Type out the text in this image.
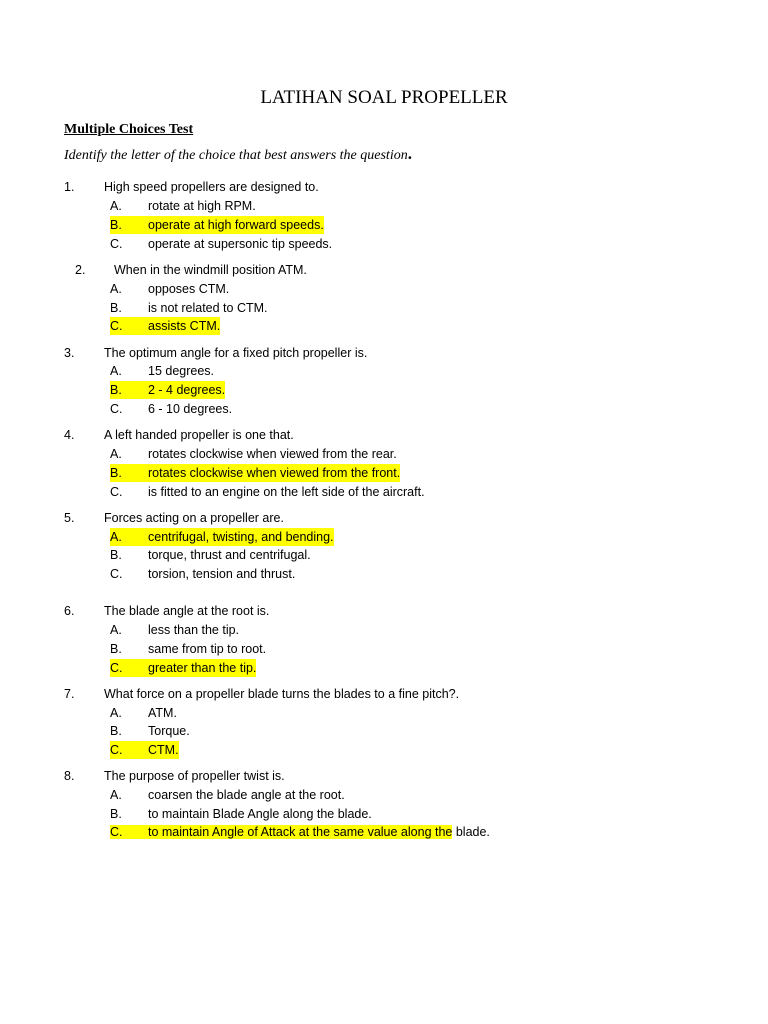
LATIHAN SOAL PROPELLER
Multiple Choices Test
Identify the letter of the choice that best answers the question.
1. High speed propellers are designed to.
A. rotate at high RPM.
B. operate at high forward speeds.
C. operate at supersonic tip speeds.
2. When in the windmill position ATM.
A. opposes CTM.
B. is not related to CTM.
C. assists CTM.
3. The optimum angle for a fixed pitch propeller is.
A. 15 degrees.
B. 2 - 4 degrees.
C. 6 - 10 degrees.
4. A left handed propeller is one that.
A. rotates clockwise when viewed from the rear.
B. rotates clockwise when viewed from the front.
C. is fitted to an engine on the left side of the aircraft.
5. Forces acting on a propeller are.
A. centrifugal, twisting, and bending.
B. torque, thrust and centrifugal.
C. torsion, tension and thrust.
6. The blade angle at the root is.
A. less than the tip.
B. same from tip to root.
C. greater than the tip.
7. What force on a propeller blade turns the blades to a fine pitch?.
A. ATM.
B. Torque.
C. CTM.
8. The purpose of propeller twist is.
A. coarsen the blade angle at the root.
B. to maintain Blade Angle along the blade.
C. to maintain Angle of Attack at the same value along the blade.
